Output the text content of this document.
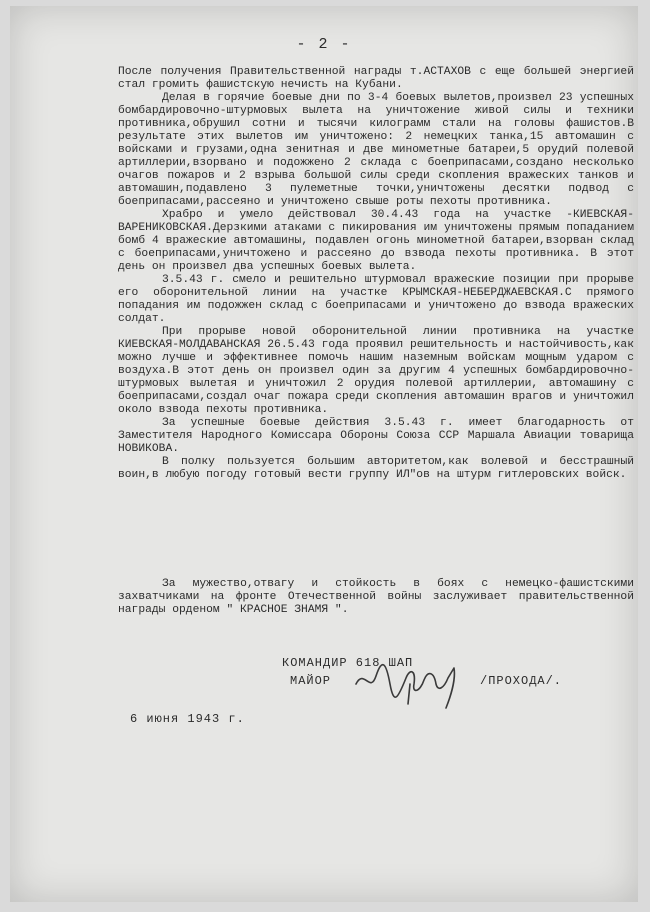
- 2 -

После получения Правительственной награды т.АСТАХОВ с еще большей энергией стал громить фашистскую нечисть на Кубани.

Делая в горячие боевые дни по 3-4 боевых вылетов,произвел 23 успешных бомбардировочно-штурмовых вылета на уничтожение живой силы и техники противника,обрушил сотни и тысячи килограмм стали на головы фашистов.В результате этих вылетов им уничтожено: 2 немецких танка,15 автомашин с войсками и грузами,одна зенитная и две минометные батареи,5 орудий полевой артиллерии,взорвано и подожжено 2 склада с боеприпасами,создано несколько очагов пожаров и 2 взрыва большой силы среди скопления вражеских танков и автомашин,подавлено 3 пулеметные точки,уничтожены десятки подвод с боеприпасами,рассеяно и уничтожено свыше роты пехоты противника.

Храбро и умело действовал 30.4.43 года на участке -КИЕВСКАЯ-ВАРЕНИКОВСКАЯ.Дерзкими атаками с пикирования им уничтожены прямым попаданием бомб 4 вражеские автомашины, подавлен огонь минометной батареи,взорван склад с боеприпасами,уничтожено и рассеяно до взвода пехоты противника. В этот день он произвел два успешных боевых вылета.

3.5.43 г. смело и решительно штурмовал вражеские позиции при прорыве его оборонительной линии на участке КРЫМСКАЯ-НЕБЕРДЖАЕВСКАЯ.С прямого попадания им подожжен склад с боеприпасами и уничтожено до взвода вражеских солдат.

При прорыве новой оборонительной линии противника на участке КИЕВСКАЯ-МОЛДАВАНСКАЯ 26.5.43 года проявил решительность и настойчивость,как можно лучше и эффективнее помочь нашим наземным войскам мощным ударом с воздуха.В этот день он произвел один за другим 4 успешных бомбардировочно-штурмовых вылетая и уничтожил 2 орудия полевой артиллерии, автомашину с боеприпасами,создал очаг пожара среди скопления автомашин врагов и уничтожил около взвода пехоты противника.

За успешные боевые действия 3.5.43 г. имеет благодарность от Заместителя Народного Комиссара Обороны Союза ССР Маршала Авиации товарища НОВИКОВА.

В полку пользуется большим авторитетом,как волевой и бесстрашный воин,в любую погоду готовый вести группу ИЛ"ов на штурм гитлеровских войск.

За мужество,отвагу и стойкость в боях с немецко-фашистскими захватчиками на фронте Отечественной войны заслуживает правительственной награды орденом " КРАСНОЕ ЗНАМЯ ".

КОМАНДИР 618 ШАП
МАЙОР	/ПРОХОДА/.
6 июня 1943 г.
